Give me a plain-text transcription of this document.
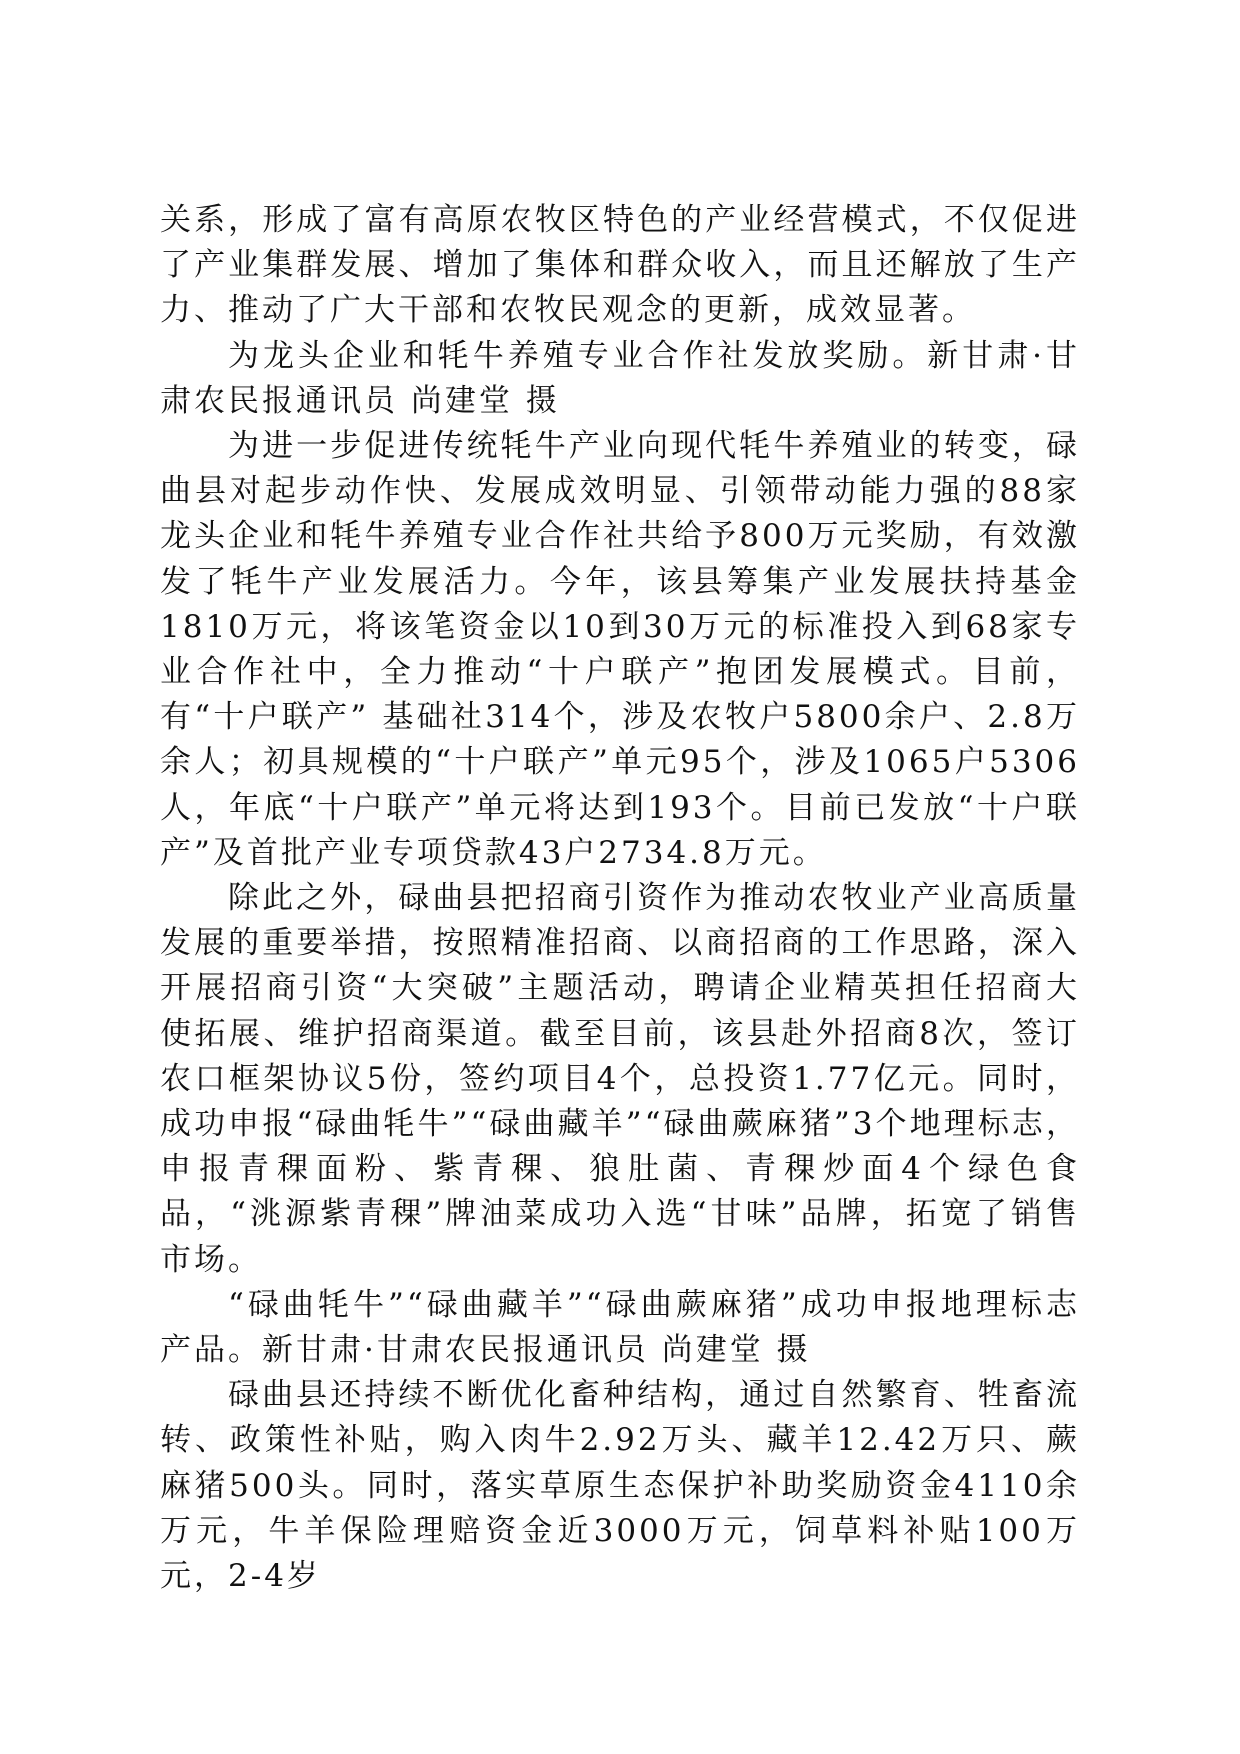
关系，形成了富有高原农牧区特色的产业经营模式，不仅促进了产业集群发展、增加了集体和群众收入，而且还解放了生产力、推动了广大干部和农牧民观念的更新，成效显著。

为龙头企业和牦牛养殖专业合作社发放奖励。新甘肃·甘肃农民报通讯员 尚建堂 摄

为进一步促进传统牦牛产业向现代牦牛养殖业的转变，碌曲县对起步动作快、发展成效明显、引领带动能力强的88家龙头企业和牦牛养殖专业合作社共给予800万元奖励，有效激发了牦牛产业发展活力。今年，该县筹集产业发展扶持基金1810万元，将该笔资金以10到30万元的标准投入到68家专业合作社中，全力推动“十户联产”抱团发展模式。目前，有“十户联产” 基础社314个，涉及农牧户5800余户、2.8万余人；初具规模的“十户联产”单元95个，涉及1065户5306人，年底“十户联产”单元将达到193个。目前已发放“十户联产”及首批产业专项贷款43户2734.8万元。

除此之外，碌曲县把招商引资作为推动农牧业产业高质量发展的重要举措，按照精准招商、以商招商的工作思路，深入开展招商引资“大突破”主题活动，聘请企业精英担任招商大使拓展、维护招商渠道。截至目前，该县赴外招商8次，签订农口框架协议5份，签约项目4个，总投资1.77亿元。同时，成功申报“碌曲牦牛”“碌曲藏羊”“碌曲蕨麻猪”3个地理标志，申报青稞面粉、紫青稞、狼肚菌、青稞炒面4个绿色食品，“洮源紫青稞”牌油菜成功入选“甘味”品牌，拓宽了销售市场。

“碌曲牦牛”“碌曲藏羊”“碌曲蕨麻猪”成功申报地理标志产品。新甘肃·甘肃农民报通讯员 尚建堂 摄

碌曲县还持续不断优化畜种结构，通过自然繁育、牲畜流转、政策性补贴，购入肉牛2.92万头、藏羊12.42万只、蕨麻猪500头。同时，落实草原生态保护补助奖励资金4110余万元，牛羊保险理赔资金近3000万元，饲草料补贴100万元，2-4岁
